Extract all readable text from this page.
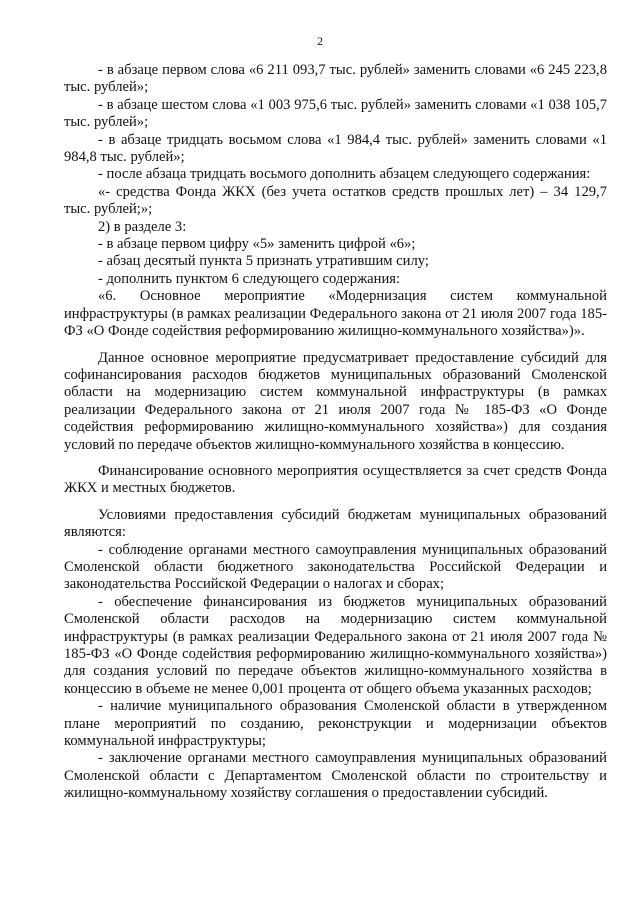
2

- в абзаце первом слова «6 211 093,7 тыс. рублей» заменить словами «6 245 223,8 тыс. рублей»;

- в абзаце шестом слова «1 003 975,6 тыс. рублей» заменить словами «1 038 105,7 тыс. рублей»;

- в абзаце тридцать восьмом слова «1 984,4 тыс. рублей» заменить словами «1 984,8 тыс. рублей»;

- после абзаца тридцать восьмого дополнить абзацем следующего содержания:

«- средства Фонда ЖКХ (без учета остатков средств прошлых лет) – 34 129,7 тыс. рублей;»;

2) в разделе 3:

- в абзаце первом цифру «5» заменить цифрой «6»;

- абзац десятый пункта 5 признать утратившим силу;

- дополнить пунктом 6 следующего содержания:

«6. Основное мероприятие «Модернизация систем коммунальной инфраструктуры (в рамках реализации Федерального закона от 21 июля 2007 года 185-ФЗ «О Фонде содействия реформированию жилищно-коммунального хозяйства»)».

Данное основное мероприятие предусматривает предоставление субсидий для софинансирования расходов бюджетов муниципальных образований Смоленской области на модернизацию систем коммунальной инфраструктуры (в рамках реализации Федерального закона от 21 июля 2007 года № 185-ФЗ «О Фонде содействия реформированию жилищно-коммунального хозяйства») для создания условий по передаче объектов жилищно-коммунального хозяйства в концессию.

Финансирование основного мероприятия осуществляется за счет средств Фонда ЖКХ и местных бюджетов.

Условиями предоставления субсидий бюджетам муниципальных образований являются:

- соблюдение органами местного самоуправления муниципальных образований Смоленской области бюджетного законодательства Российской Федерации и законодательства Российской Федерации о налогах и сборах;

- обеспечение финансирования из бюджетов муниципальных образований Смоленской области расходов на модернизацию систем коммунальной инфраструктуры (в рамках реализации Федерального закона от 21 июля 2007 года № 185-ФЗ «О Фонде содействия реформированию жилищно-коммунального хозяйства») для создания условий по передаче объектов жилищно-коммунального хозяйства в концессию в объеме не менее 0,001 процента от общего объема указанных расходов;

- наличие муниципального образования Смоленской области в утвержденном плане мероприятий по созданию, реконструкции и модернизации объектов коммунальной инфраструктуры;

- заключение органами местного самоуправления муниципальных образований Смоленской области с Департаментом Смоленской области по строительству и жилищно-коммунальному хозяйству соглашения о предоставлении субсидий.
